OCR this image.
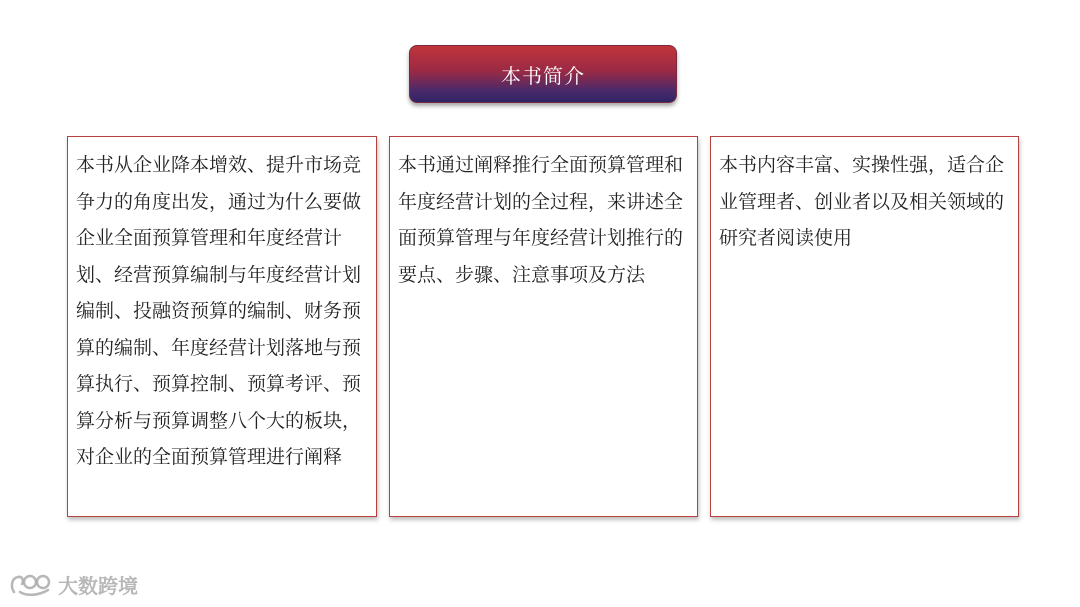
本书简介
本书从企业降本增效、提升市场竞争力的角度出发，通过为什么要做企业全面预算管理和年度经营计划、经营预算编制与年度经营计划编制、投融资预算的编制、财务预算的编制、年度经营计划落地与预算执行、预算控制、预算考评、预算分析与预算调整八个大的板块，对企业的全面预算管理进行阐释
本书通过阐释推行全面预算管理和年度经营计划的全过程，来讲述全面预算管理与年度经营计划推行的要点、步骤、注意事项及方法
本书内容丰富、实操性强，适合企业管理者、创业者以及相关领域的研究者阅读使用
大数跨境
